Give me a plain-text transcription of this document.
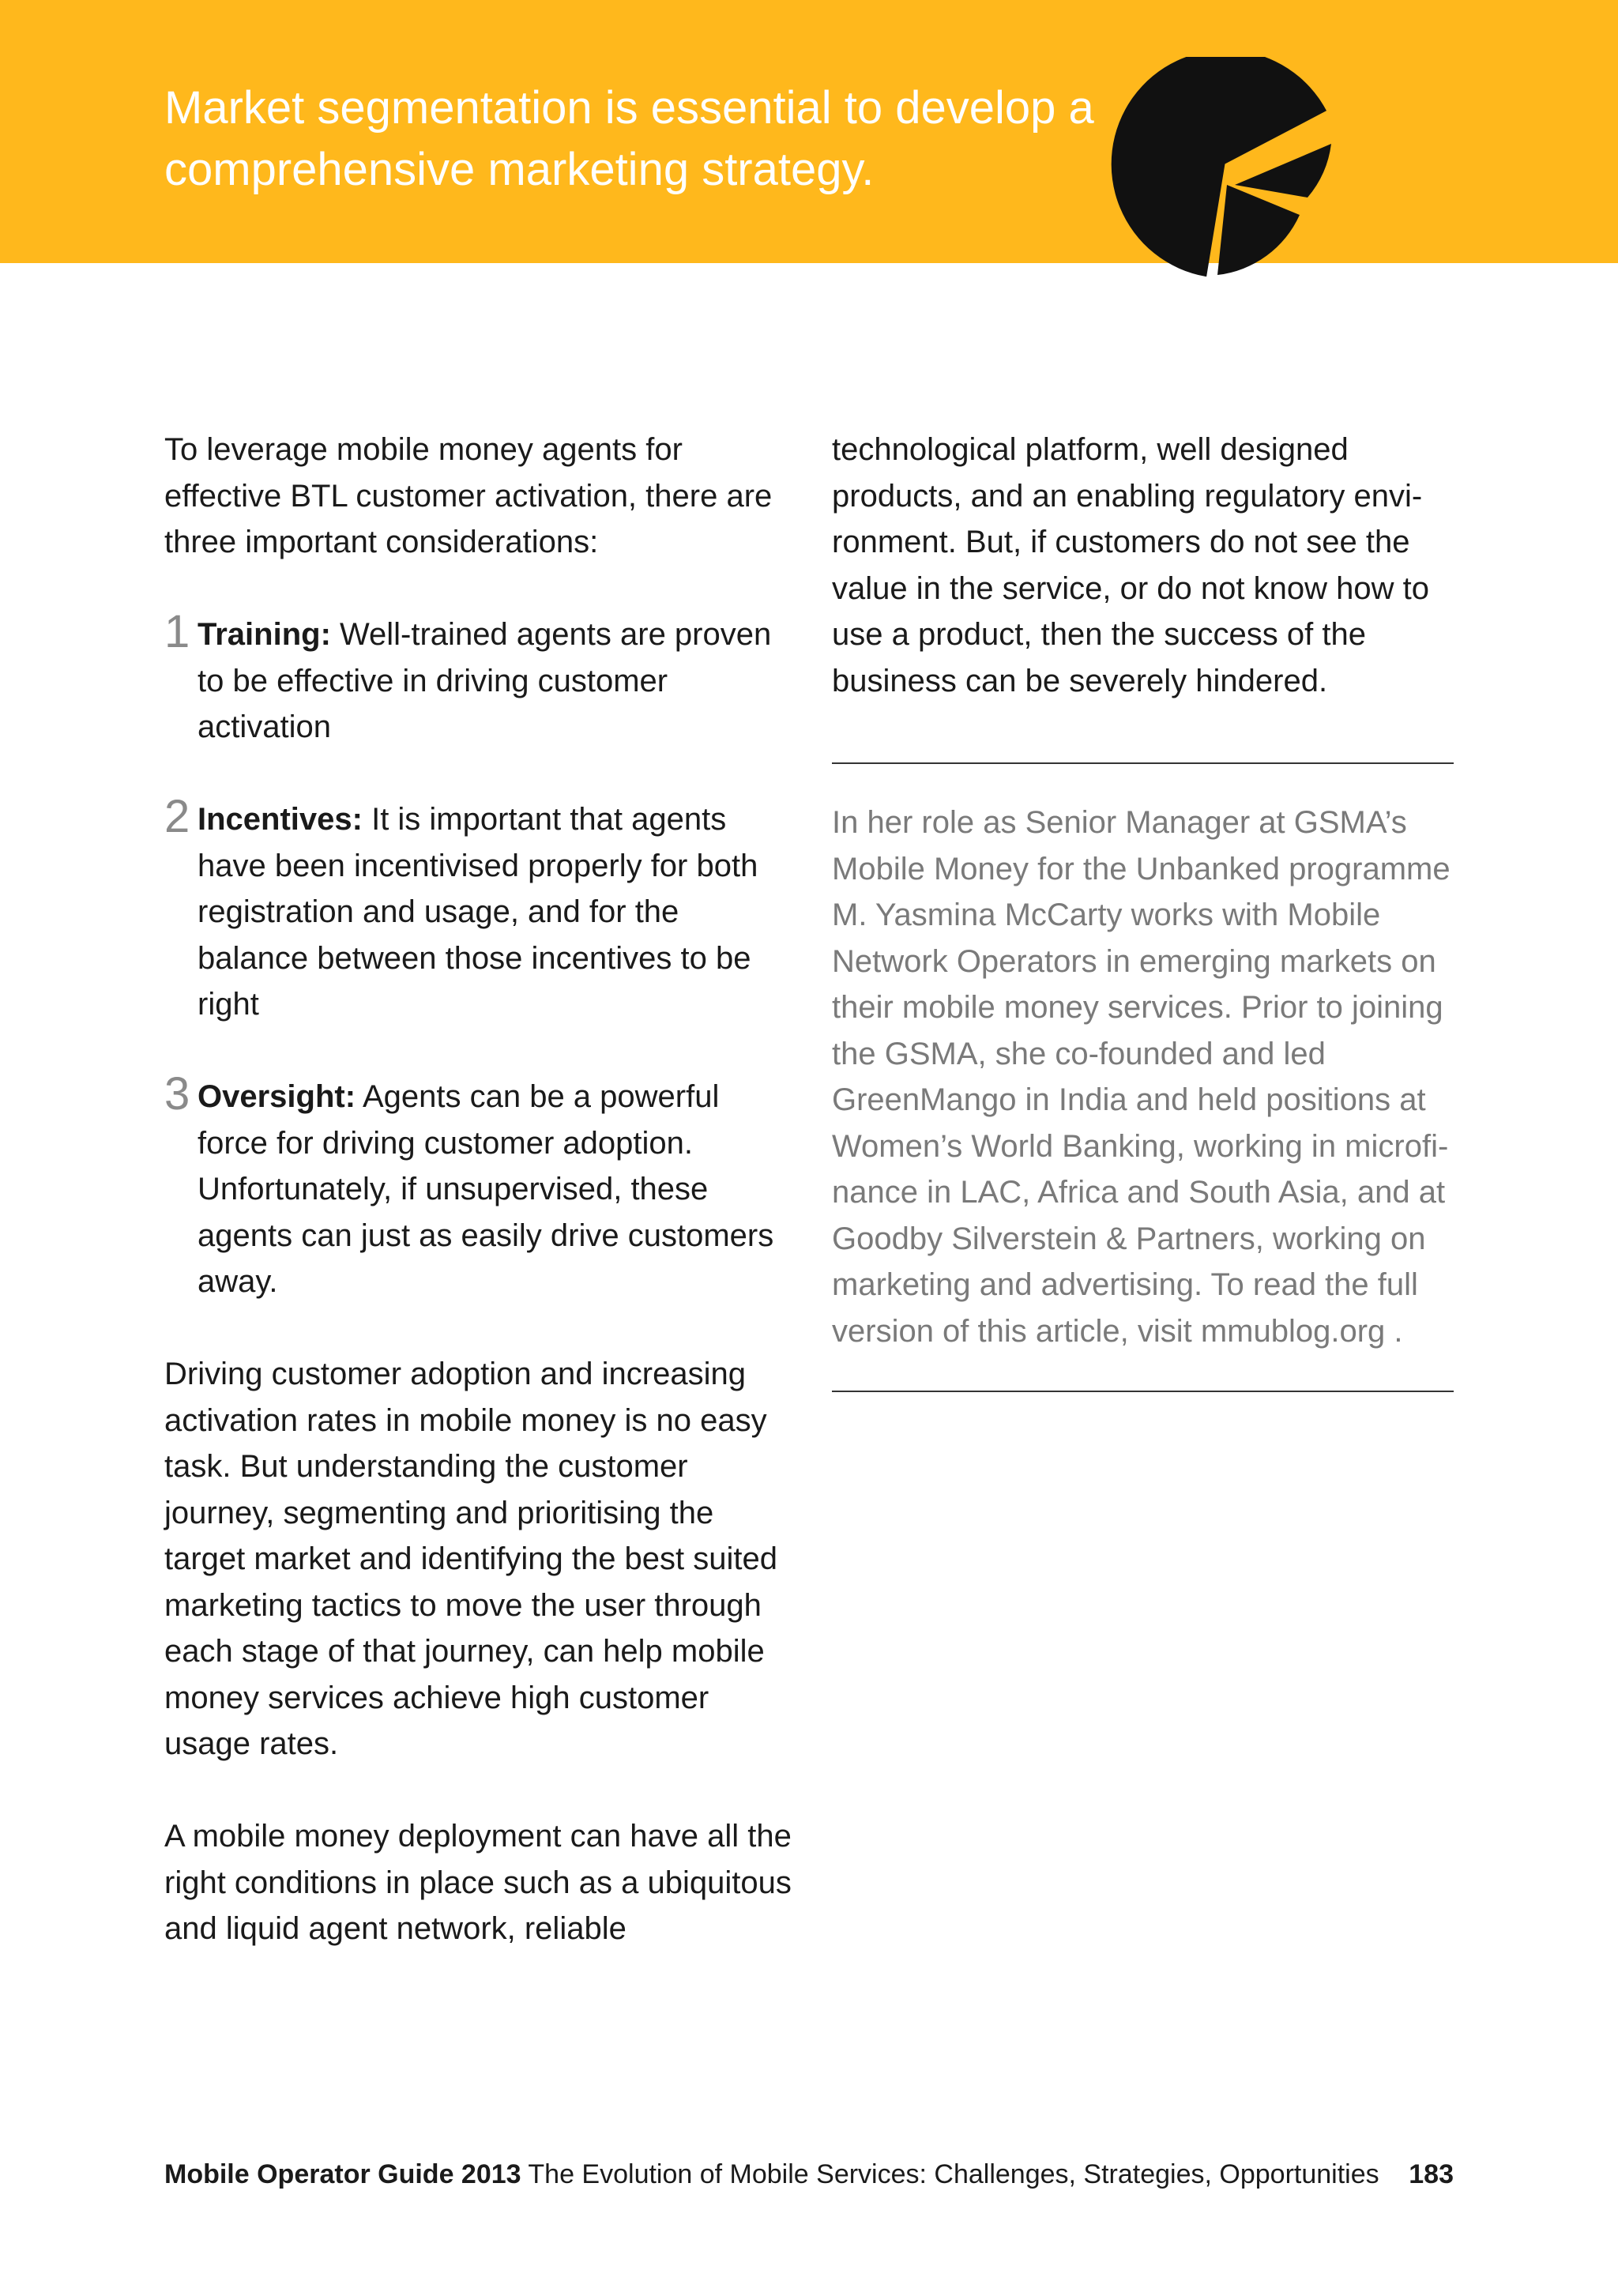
Market segmentation is essential to develop a comprehensive marketing strategy.

To leverage mobile money agents for effective BTL customer activation, there are three important considerations:

1 Training: Well-trained agents are proven to be effective in driving customer activation
2 Incentives: It is important that agents have been incentivised properly for both registration and usage, and for the balance between those incentives to be right
3 Oversight: Agents can be a powerful force for driving customer adoption. Unfortunately, if unsupervised, these agents can just as easily drive customers away.

Driving customer adoption and increasing activation rates in mobile money is no easy task. But understanding the customer journey, segmenting and prioritising the target market and identifying the best suited marketing tactics to move the user through each stage of that journey, can help mobile money services achieve high customer usage rates.

A mobile money deployment can have all the right conditions in place such as a ubiquitous and liquid agent network, reliable

technological platform, well designed products, and an enabling regulatory envi-ronment. But, if customers do not see the value in the service, or do not know how to use a product, then the success of the business can be severely hindered.

In her role as Senior Manager at GSMA’s Mobile Money for the Unbanked programme M. Yasmina McCarty works with Mobile Network Operators in emerging markets on their mobile money services. Prior to joining the GSMA, she co-founded and led GreenMango in India and held positions at Women’s World Banking, working in microfi-nance in LAC, Africa and South Asia, and at Goodby Silverstein & Partners, working on marketing and advertising. To read the full version of this article, visit mmublog.org .

Mobile Operator Guide 2013 The Evolution of Mobile Services: Challenges, Strategies, Opportunities 183
